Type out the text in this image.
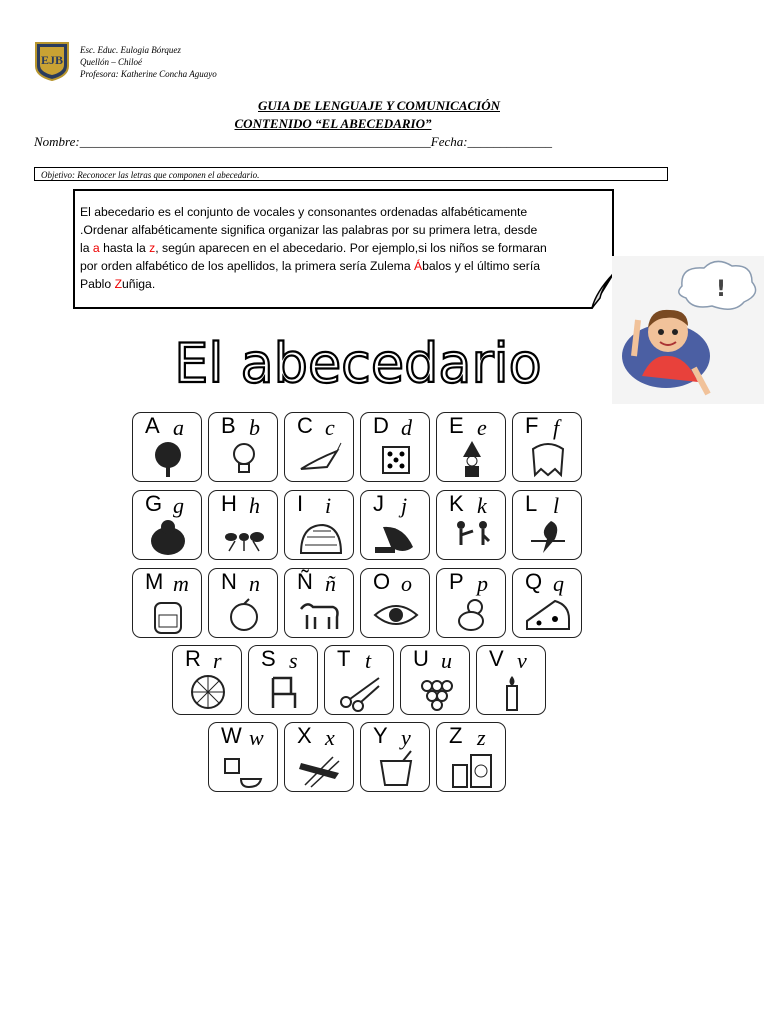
EJB
Esc. Educ. Eulogia Bórquez
Quellón – Chiloé
Profesora: Katherine Concha Aguayo
GUIA DE LENGUAJE Y COMUNICACIÓN
CONTENIDO “EL ABECEDARIO”
Nombre:______________________________________________________Fecha:_____________
Objetivo: Reconocer las letras que componen el abecedario.
El abecedario es el conjunto de vocales y consonantes ordenadas alfabéticamente
.Ordenar alfabéticamente significa organizar las palabras por su primera letra, desde
la a hasta la z, según aparecen en el abecedario. Por ejemplo,si los niños se formaran
por orden alfabético de los apellidos, la primera sería Zulema Ábalos y el último sería
Pablo Zuñiga.	!
El abecedario
A a B b C c D d E e F f
G g H h I i J j K k L l
M m N n Ñ ñ O o P p Q q
R r S s T t U u V v
W w X x Y y Z z
